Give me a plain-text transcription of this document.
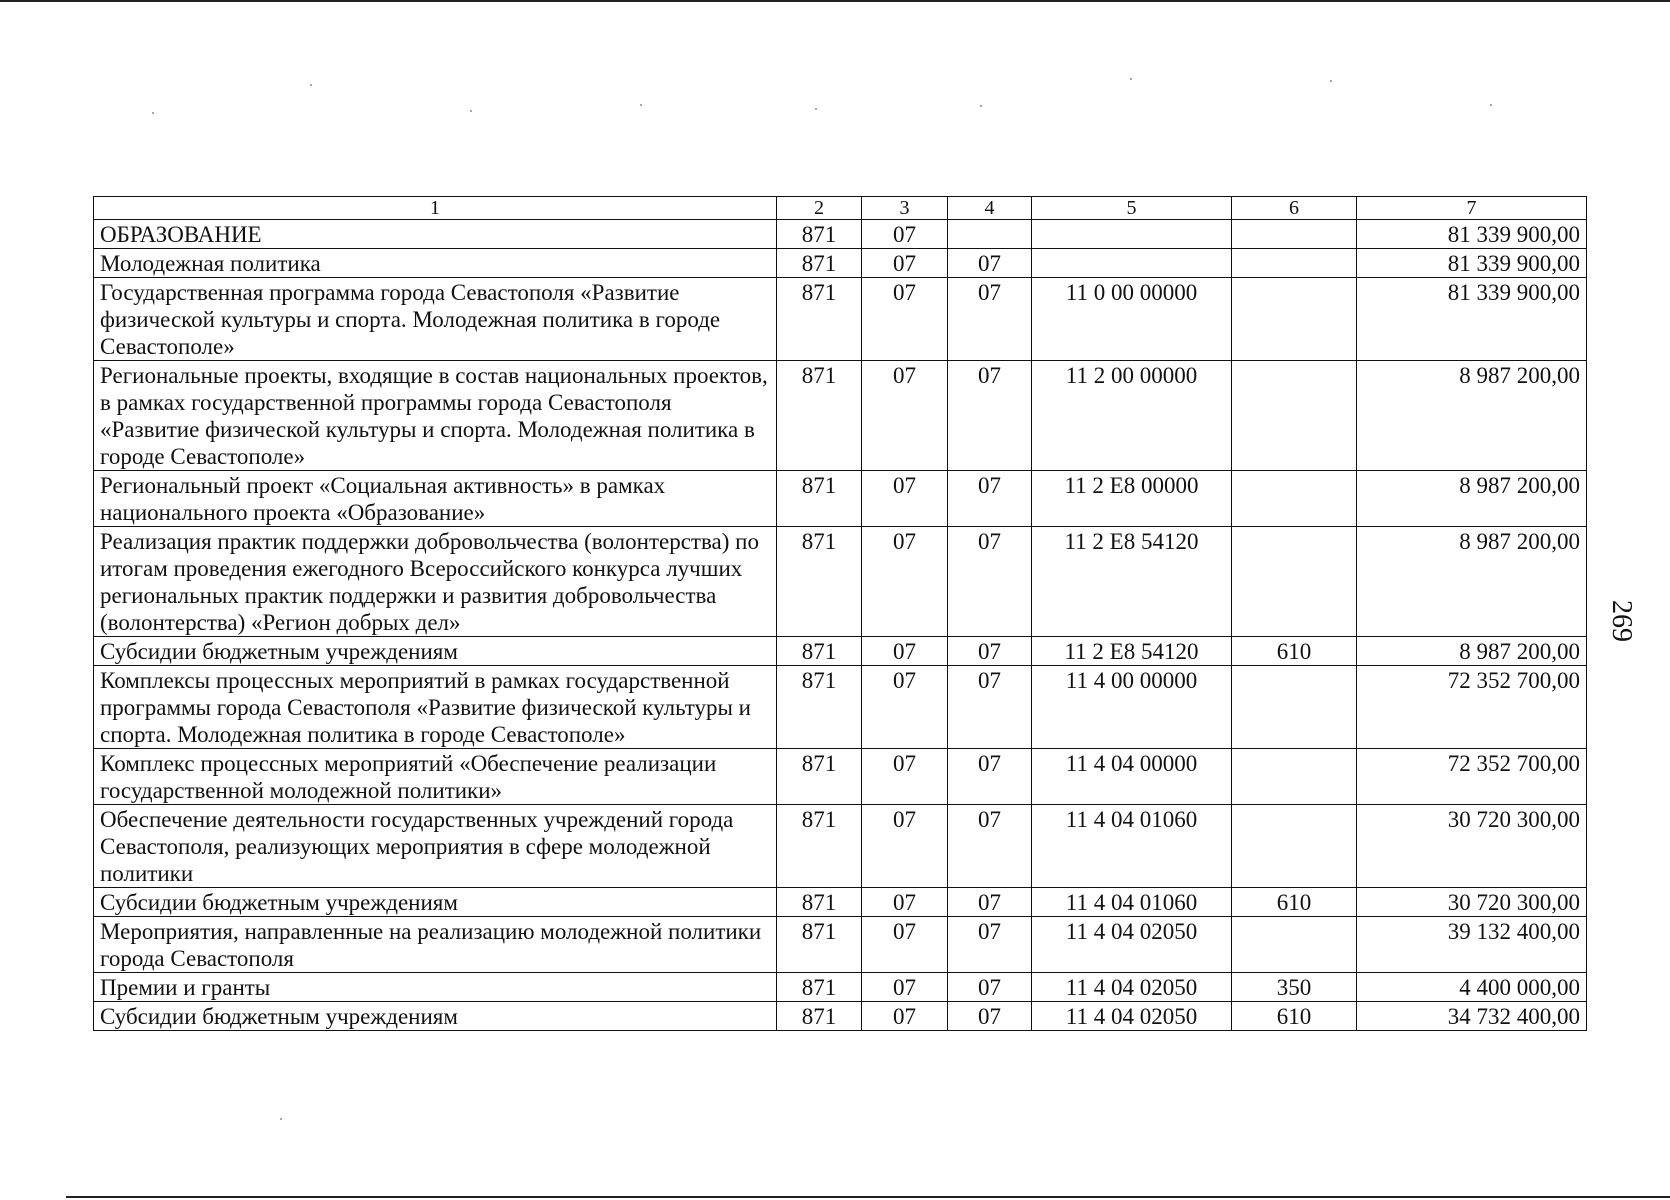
1	2	3	4	5	6	7
ОБРАЗОВАНИЕ	871	07				81 339 900,00
Молодежная политика	871	07	07			81 339 900,00
Государственная программа города Севастополя «Развитие физической культуры и спорта. Молодежная политика в городе Севастополе»	871	07	07	11 0 00 00000		81 339 900,00
Региональные проекты, входящие в состав национальных проектов, в рамках государственной программы города Севастополя «Развитие физической культуры и спорта. Молодежная политика в городе Севастополе»	871	07	07	11 2 00 00000		8 987 200,00
Региональный проект «Социальная активность» в рамках национального проекта «Образование»	871	07	07	11 2 E8 00000		8 987 200,00
Реализация практик поддержки добровольчества (волонтерства) по итогам проведения ежегодного Всероссийского конкурса лучших региональных практик поддержки и развития добровольчества (волонтерства) «Регион добрых дел»	871	07	07	11 2 E8 54120		8 987 200,00
Субсидии бюджетным учреждениям	871	07	07	11 2 E8 54120	610	8 987 200,00
Комплексы процессных мероприятий в рамках государственной программы города Севастополя «Развитие физической культуры и спорта. Молодежная политика в городе Севастополе»	871	07	07	11 4 00 00000		72 352 700,00
Комплекс процессных мероприятий «Обеспечение реализации государственной молодежной политики»	871	07	07	11 4 04 00000		72 352 700,00
Обеспечение деятельности государственных учреждений города Севастополя, реализующих мероприятия в сфере молодежной политики	871	07	07	11 4 04 01060		30 720 300,00
Субсидии бюджетным учреждениям	871	07	07	11 4 04 01060	610	30 720 300,00
Мероприятия, направленные на реализацию молодежной политики города Севастополя	871	07	07	11 4 04 02050		39 132 400,00
Премии и гранты	871	07	07	11 4 04 02050	350	4 400 000,00
Субсидии бюджетным учреждениям	871	07	07	11 4 04 02050	610	34 732 400,00
269
